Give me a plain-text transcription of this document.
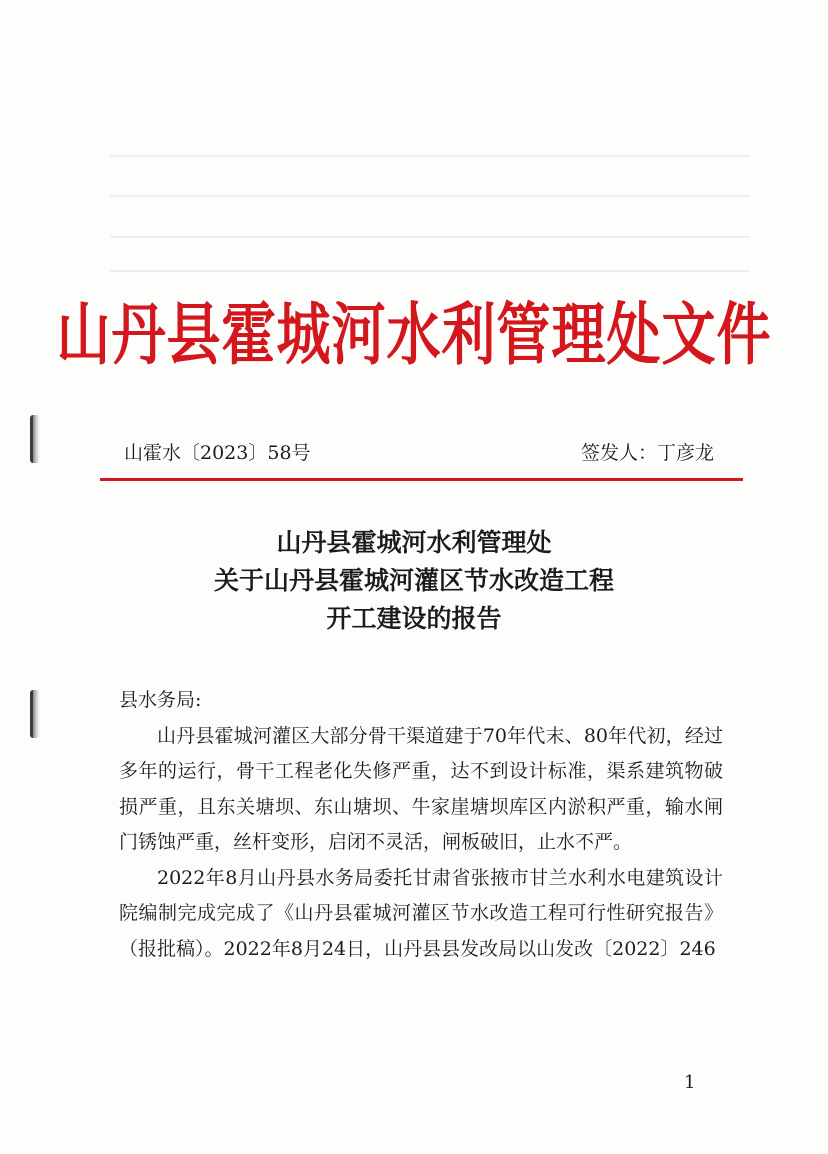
山丹县霍城河水利管理处文件
山霍水〔2023〕58号	签发人：丁彦龙
山丹县霍城河水利管理处
关于山丹县霍城河灌区节水改造工程
开工建设的报告

县水务局:

山丹县霍城河灌区大部分骨干渠道建于70年代末、80年代初，经过多年的运行，骨干工程老化失修严重，达不到设计标准，渠系建筑物破损严重，且东关塘坝、东山塘坝、牛家崖塘坝库区内淤积严重，输水闸门锈蚀严重，丝杆变形，启闭不灵活，闸板破旧，止水不严。

2022年8月山丹县水务局委托甘肃省张掖市甘兰水利水电建筑设计院编制完成完成了《山丹县霍城河灌区节水改造工程可行性研究报告》（报批稿）。2022年8月24日，山丹县县发改局以山发改〔2022〕246

1
